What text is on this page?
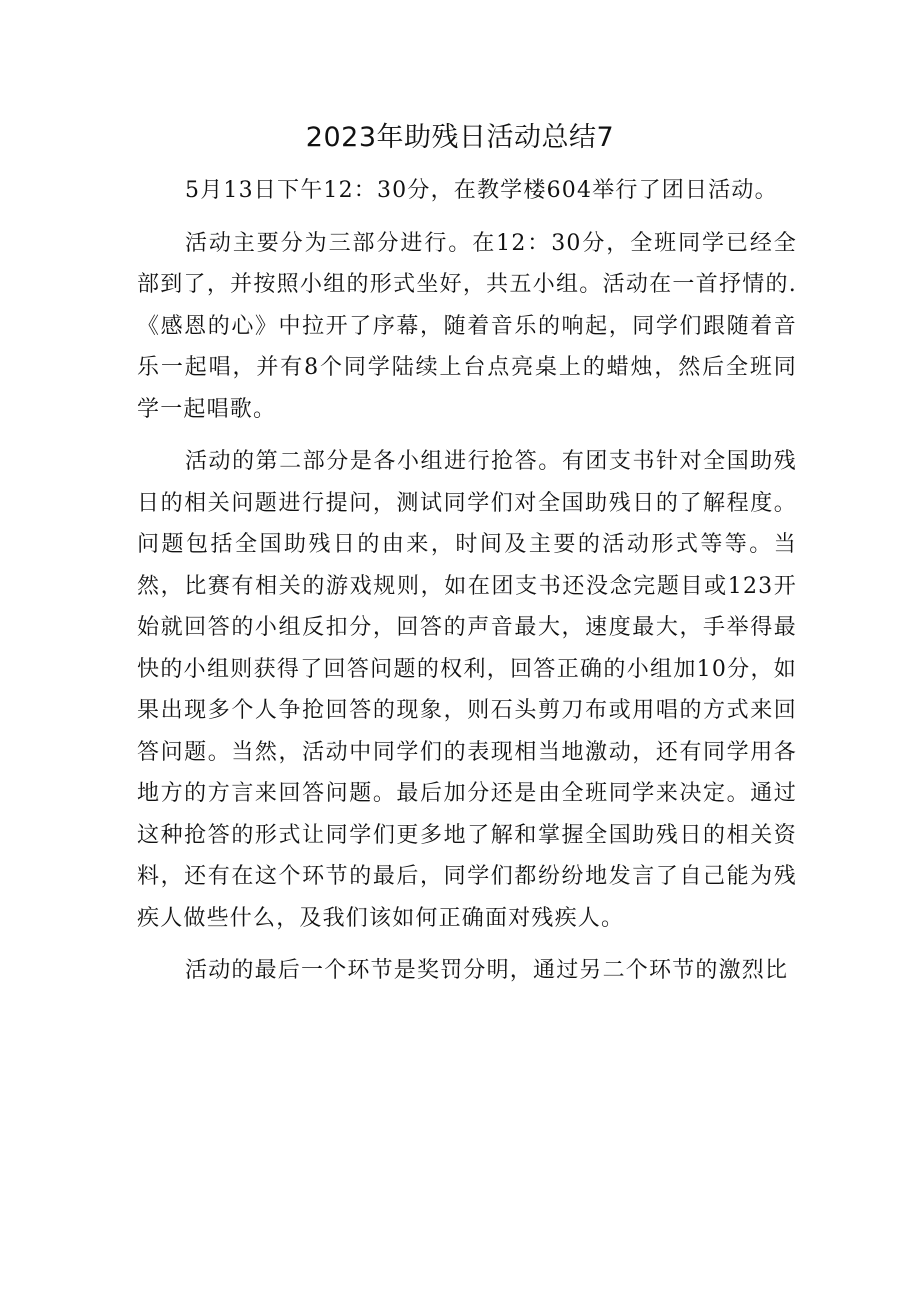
2023年助残日活动总结7

5月13日下午12：30分，在教学楼604举行了团日活动。

活动主要分为三部分进行。在12：30分，全班同学已经全部到了，并按照小组的形式坐好，共五小组。活动在一首抒情的.《感恩的心》中拉开了序幕，随着音乐的响起，同学们跟随着音乐一起唱，并有8个同学陆续上台点亮桌上的蜡烛，然后全班同学一起唱歌。

活动的第二部分是各小组进行抢答。有团支书针对全国助残日的相关问题进行提问，测试同学们对全国助残日的了解程度。问题包括全国助残日的由来，时间及主要的活动形式等等。当然，比赛有相关的游戏规则，如在团支书还没念完题目或123开始就回答的小组反扣分，回答的声音最大，速度最大，手举得最快的小组则获得了回答问题的权利，回答正确的小组加10分，如果出现多个人争抢回答的现象，则石头剪刀布或用唱的方式来回答问题。当然，活动中同学们的表现相当地激动，还有同学用各地方的方言来回答问题。最后加分还是由全班同学来决定。通过这种抢答的形式让同学们更多地了解和掌握全国助残日的相关资料，还有在这个环节的最后，同学们都纷纷地发言了自己能为残疾人做些什么，及我们该如何正确面对残疾人。

活动的最后一个环节是奖罚分明，通过另二个环节的激烈比
